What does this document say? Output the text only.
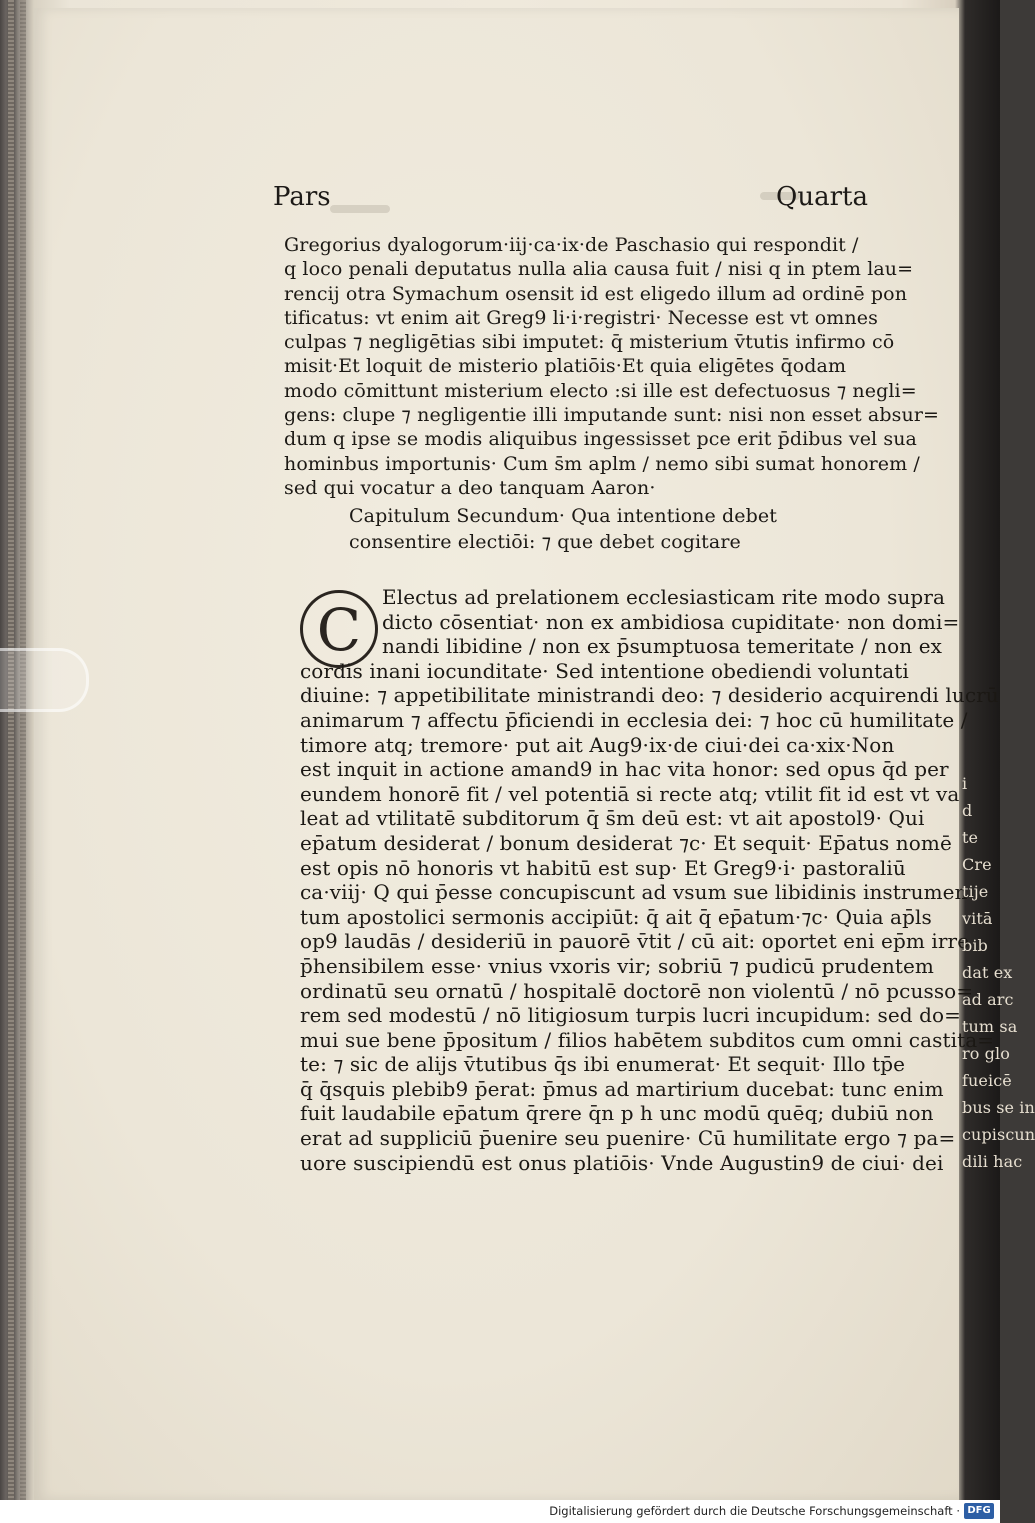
Pars	Quarta
Gregorius dyalogorum·iij·ca·ix·de Paschasio qui respondit /
q loco penali deputatus nulla alia causa fuit / nisi q in ptem lau=
rencij otra Symachum osensit id est eligedo illum ad ordinē pon
tificatus: vt enim ait Greg9 li·i·registri· Necesse est vt omnes
culpas ⁊ negligētias sibi imputet: q̄ misterium v̄tutis infirmo cō
misit·Et loquit de misterio platiōis·Et quia eligētes q̄odam
modo cōmittunt misterium electo :si ille est defectuosus ⁊ negli=
gens: clupe ⁊ negligentie illi imputande sunt: nisi non esset absur=
dum q ipse se modis aliquibus ingessisset pce erit p̄dibus vel sua
hominbus importunis· Cum s̄m aplm / nemo sibi sumat honorem /
sed qui vocatur a deo tanquam Aaron·
Capitulum Secundum· Qua intentione debet
consentire electiōi: ⁊ que debet cogitare
C	Electus ad prelationem ecclesiasticam rite modo supra
dicto cōsentiat· non ex ambidiosa cupiditate· non domi=
nandi libidine / non ex p̄sumptuosa temeritate / non ex
cordis inani iocunditate· Sed intentione obediendi voluntati
diuine: ⁊ appetibilitate ministrandi deo: ⁊ desiderio acquirendi lucrū
animarum ⁊ affectu p̄ficiendi in ecclesia dei: ⁊ hoc cū humilitate /
timore atq; tremore· put ait Aug9·ix·de ciui·dei ca·xix·Non
est inquit in actione amand9 in hac vita honor: sed opus q̄d per
eundem honorē fit / vel potentiā si recte atq; vtilit fit id est vt va
leat ad vtilitatē subditorum q̄ s̄m deū est: vt ait apostol9· Qui
ep̄atum desiderat / bonum desiderat ⁊c· Et sequit· Ep̄atus nomē
est opis nō honoris vt habitū est sup· Et Greg9·i· pastoraliū
ca·viij· Q qui p̄esse concupiscunt ad vsum sue libidinis instrumen
tum apostolici sermonis accipiūt: q̄ ait q̄ ep̄atum·⁊c· Quia ap̄ls
op9 laudās / desideriū in pauorē v̄tit / cū ait: oportet eni ep̄m irre
p̄hensibilem esse· vnius vxoris vir; sobriū ⁊ pudicū prudentem
ordinatū seu ornatū / hospitalē doctorē non violentū / nō pcusso=
rem sed modestū / nō litigiosum turpis lucri incupidum: sed do=
mui sue bene p̄positum / filios habētem subditos cum omni castita=
te: ⁊ sic de alijs v̄tutibus q̄s ibi enumerat· Et sequit· Illo tp̄e
q̄ q̄squis plebib9 p̄erat: p̄mus ad martirium ducebat: tunc enim
fuit laudabile ep̄atum q̄rere q̄n p h unc modū quēq; dubiū non
erat ad suppliciū p̄uenire seu puenire· Cū humilitate ergo ⁊ pa=
uore suscipiendū est onus platiōis· Vnde Augustin9 de ciui· dei
i
d
te
Cre
tije
vitā
bib
dat ex
ad arc
tum sa
ro glo
fueicē
bus se in
cupiscun
dili hac
Digitalisierung gefördert durch die Deutsche Forschungsgemeinschaft · DFG
